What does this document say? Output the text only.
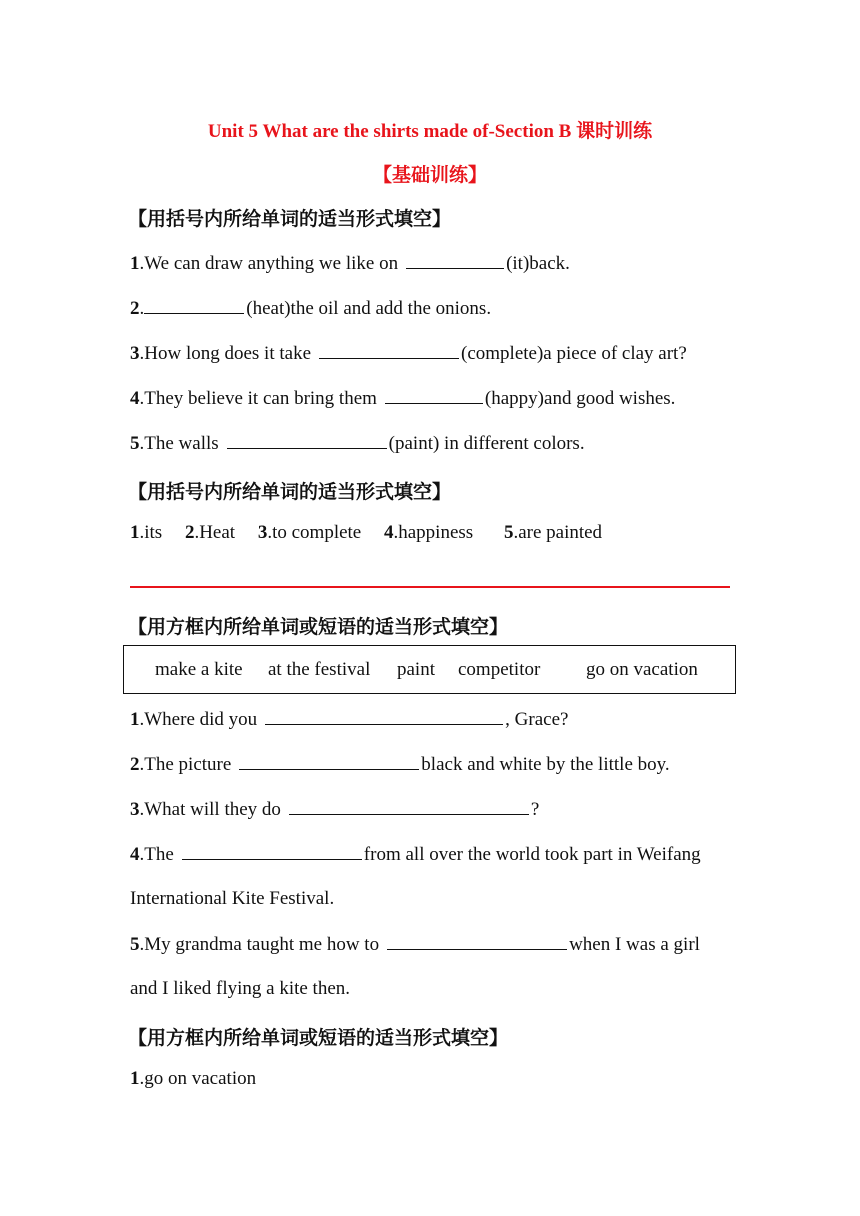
Unit 5 What are the shirts made of-Section B 课时训练
【基础训练】
【用括号内所给单词的适当形式填空】
1.We can draw anything we like on	(it)back.
2.	(heat)the oil and add the onions.
3.How long does it take	(complete)a piece of clay art?
4.They believe it can bring them	(happy)and good wishes.
5.The walls	(paint) in different colors.
【用括号内所给单词的适当形式填空】
1.its 2.Heat 3.to complete 4.happiness 5.are painted
【用方框内所给单词或短语的适当形式填空】
make a kite at the festival paint competitor go on vacation
1.Where did you	, Grace?
2.The picture	black and white by the little boy.
3.What will they do	?
4.The	from all over the world took part in Weifang
International Kite Festival.
5.My grandma taught me how to	when I was a girl
and I liked flying a kite then.
【用方框内所给单词或短语的适当形式填空】
1.go on vacation
